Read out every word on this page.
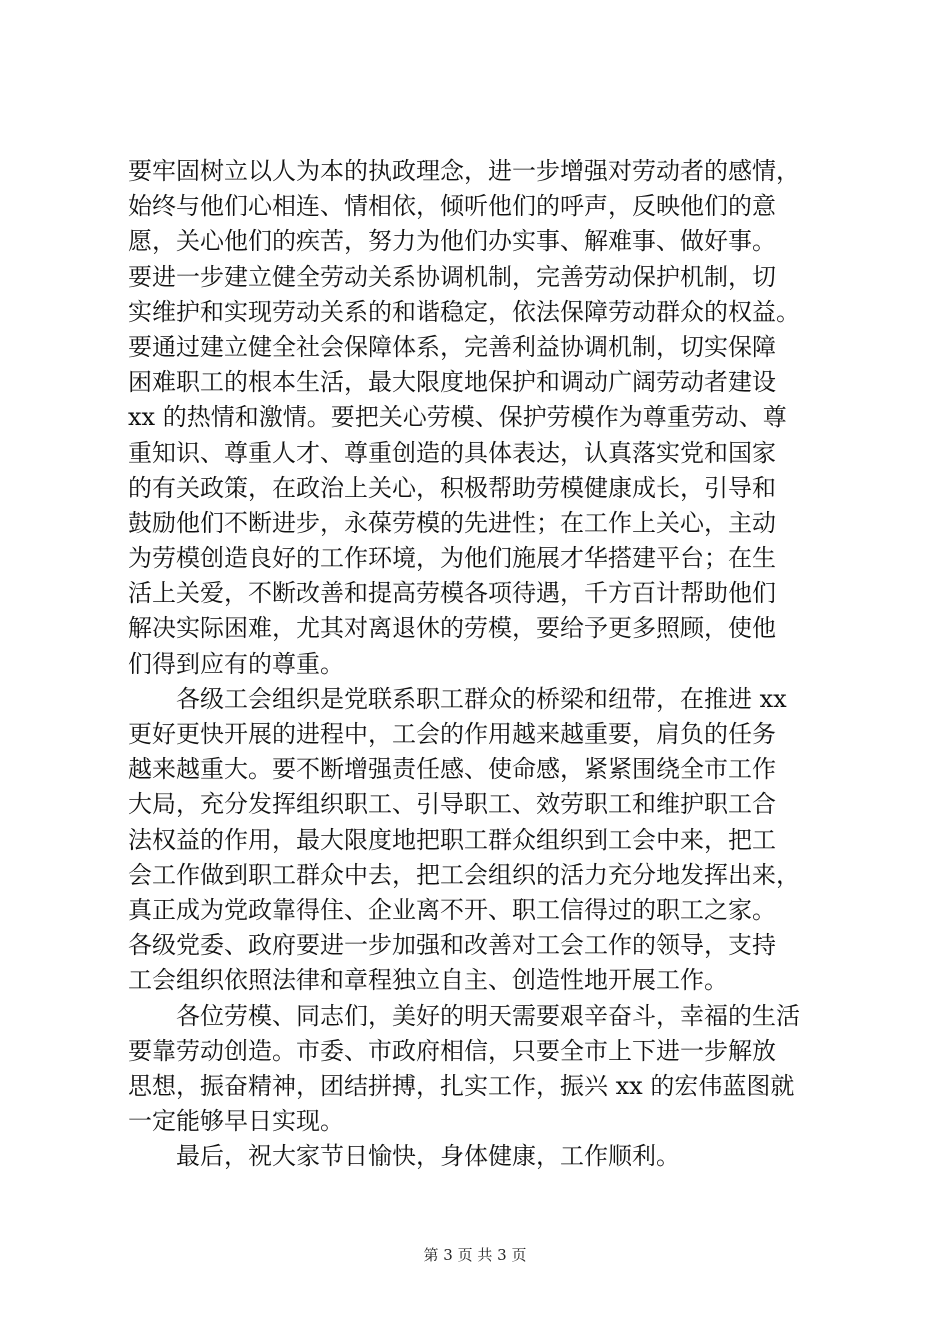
要牢固树立以人为本的执政理念，进一步增强对劳动者的感情，
始终与他们心相连、情相依，倾听他们的呼声，反映他们的意
愿，关心他们的疾苦，努力为他们办实事、解难事、做好事。
要进一步建立健全劳动关系协调机制，完善劳动保护机制，切
实维护和实现劳动关系的和谐稳定，依法保障劳动群众的权益。
要通过建立健全社会保障体系，完善利益协调机制，切实保障
困难职工的根本生活，最大限度地保护和调动广阔劳动者建设
xx 的热情和激情。要把关心劳模、保护劳模作为尊重劳动、尊
重知识、尊重人才、尊重创造的具体表达，认真落实党和国家
的有关政策，在政治上关心，积极帮助劳模健康成长，引导和
鼓励他们不断进步，永葆劳模的先进性；在工作上关心，主动
为劳模创造良好的工作环境，为他们施展才华搭建平台；在生
活上关爱，不断改善和提高劳模各项待遇，千方百计帮助他们
解决实际困难，尤其对离退休的劳模，要给予更多照顾，使他
们得到应有的尊重。
　　各级工会组织是党联系职工群众的桥梁和纽带，在推进 xx
更好更快开展的进程中，工会的作用越来越重要，肩负的任务
越来越重大。要不断增强责任感、使命感，紧紧围绕全市工作
大局，充分发挥组织职工、引导职工、效劳职工和维护职工合
法权益的作用，最大限度地把职工群众组织到工会中来，把工
会工作做到职工群众中去，把工会组织的活力充分地发挥出来，
真正成为党政靠得住、企业离不开、职工信得过的职工之家。
各级党委、政府要进一步加强和改善对工会工作的领导，支持
工会组织依照法律和章程独立自主、创造性地开展工作。
　　各位劳模、同志们，美好的明天需要艰辛奋斗，幸福的生活
要靠劳动创造。市委、市政府相信，只要全市上下进一步解放
思想，振奋精神，团结拼搏，扎实工作，振兴 xx 的宏伟蓝图就
一定能够早日实现。
　　最后，祝大家节日愉快，身体健康，工作顺利。
第 3 页 共 3 页
